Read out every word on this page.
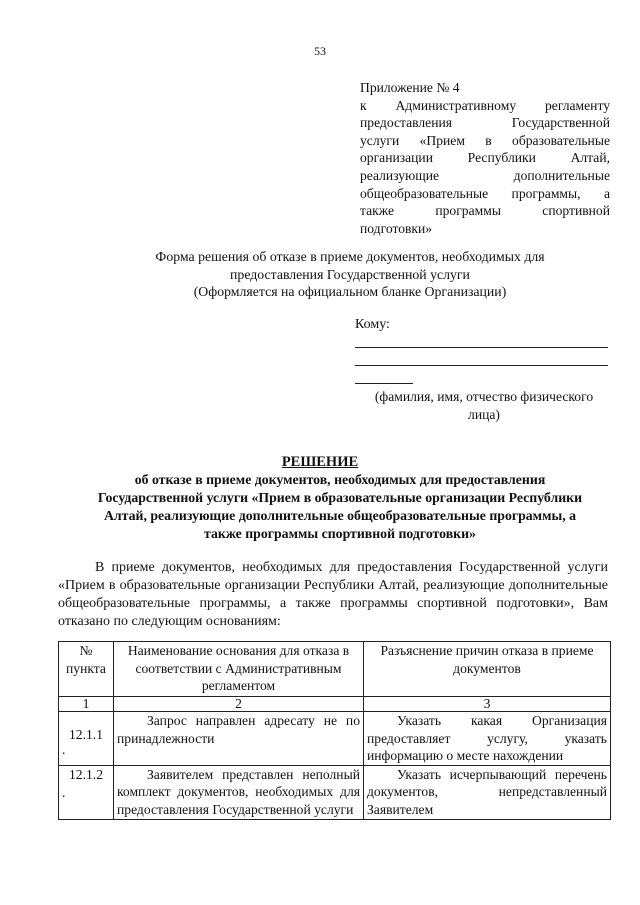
53
Приложение № 4
к Административному регламенту
предоставления Государственной
услуги «Прием в образовательные
организации Республики Алтай,
реализующие дополнительные
общеобразовательные программы, а
также программы спортивной
подготовки»
Форма решения об отказе в приеме документов, необходимых для
предоставления Государственной услуги
(Оформляется на официальном бланке Организации)
Кому:
(фамилия, имя, отчество физического
лица)
РЕШЕНИЕ
об отказе в приеме документов, необходимых для предоставления
Государственной услуги «Прием в образовательные организации Республики
Алтай, реализующие дополнительные общеобразовательные программы, а
также программы спортивной подготовки»
В приеме документов, необходимых для предоставления Государственной услуги «Прием в образовательные организации Республики Алтай, реализующие дополнительные общеобразовательные программы, а также программы спортивной подготовки», Вам отказано по следующим основаниям:
№ пункта	Наименование основания для отказа в соответствии с Административным регламентом	Разъяснение причин отказа в приеме документов
1	2	3

12.1.1
.	Запрос направлен адресату не по принадлежности	Указать какая Организация предоставляет услугу, указать информацию о месте нахождении

12.1.2
.	Заявителем представлен неполный комплект документов, необходимых для предоставления Государственной услуги	Указать исчерпывающий перечень документов, непредставленный Заявителем
